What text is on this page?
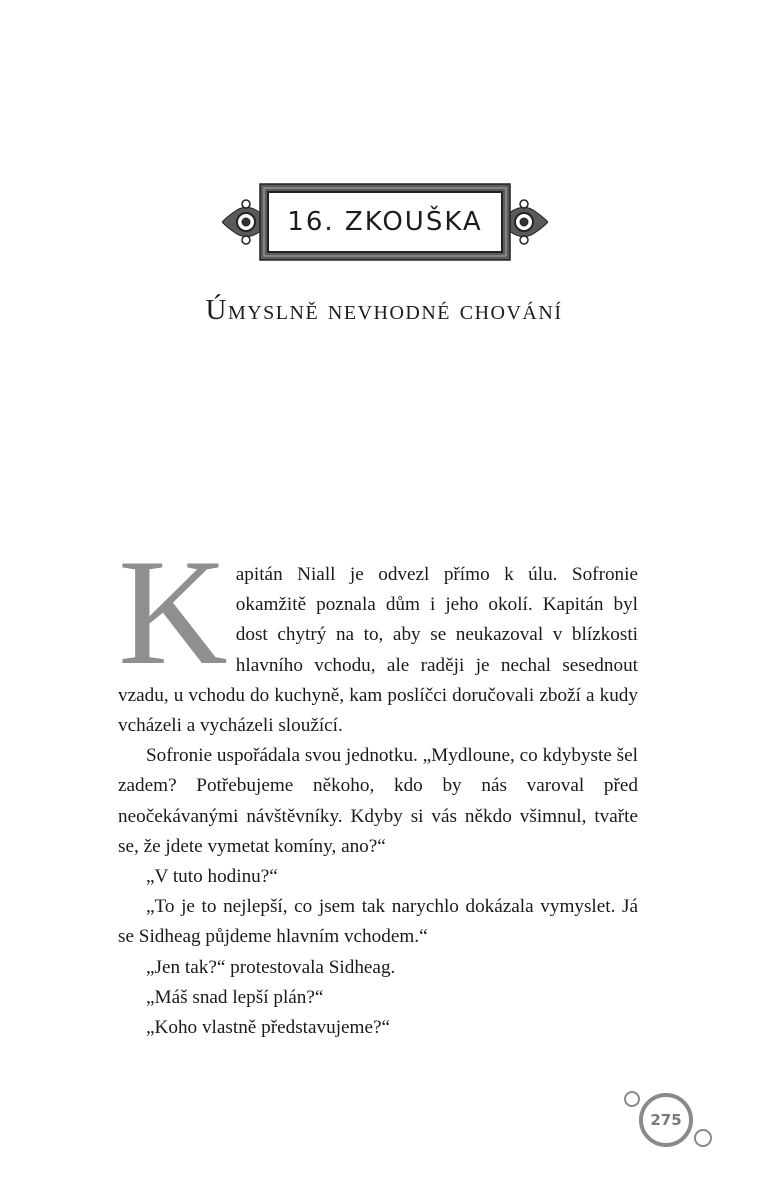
16. ZKOUŠKA
Úmyslně nevhodné chování

Kapitán Niall je odvezl přímo k úlu. Sofronie okamžitě poznala dům i jeho okolí. Kapitán byl dost chytrý na to, aby se neukazoval v blízkosti hlavního vchodu, ale raději je nechal sesednout vzadu, u vchodu do kuchyně, kam poslíčci doručovali zboží a kudy vcházeli a vycházeli sloužící.

Sofronie uspořádala svou jednotku. „Mydloune, co kdybyste šel zadem? Potřebujeme někoho, kdo by nás varoval před neočekávanými návštěvníky. Kdyby si vás někdo všimnul, tvařte se, že jdete vymetat komíny, ano?“

„V tuto hodinu?“

„To je to nejlepší, co jsem tak narychlo dokázala vymyslet. Já se Sidheag půjdeme hlavním vchodem.“

„Jen tak?“ protestovala Sidheag.

„Máš snad lepší plán?“

„Koho vlastně představujeme?“

275
